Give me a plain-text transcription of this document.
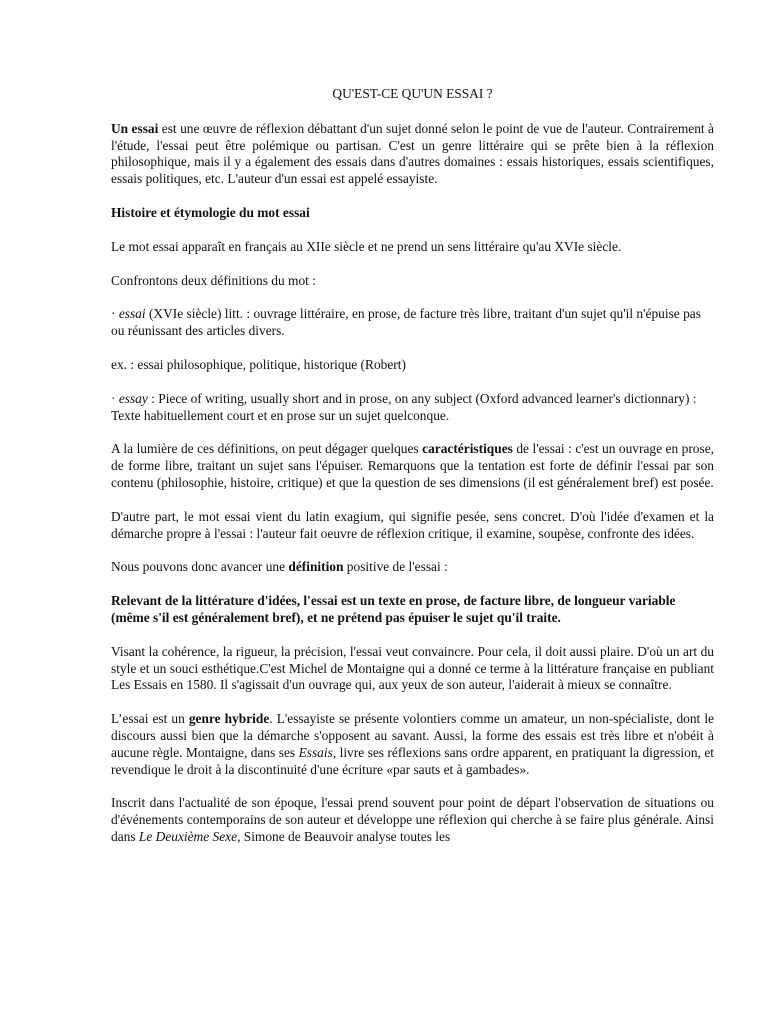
QU'EST-CE QU'UN ESSAI ?

Un essai est une œuvre de réflexion débattant d'un sujet donné selon le point de vue de l'auteur. Contrairement à l'étude, l'essai peut être polémique ou partisan. C'est un genre littéraire qui se prête bien à la réflexion philosophique, mais il y a également des essais dans d'autres domaines : essais historiques, essais scientifiques, essais politiques, etc. L'auteur d'un essai est appelé essayiste.

Histoire et étymologie du mot essai

Le mot essai apparaît en français au XIIe siècle et ne prend un sens littéraire qu'au XVIe siècle.

Confrontons deux définitions du mot :

· essai (XVIe siècle) litt. : ouvrage littéraire, en prose, de facture très libre, traitant d'un sujet qu'il n'épuise pas ou réunissant des articles divers.

ex. : essai philosophique, politique, historique (Robert)

· essay : Piece of writing, usually short and in prose, on any subject (Oxford advanced learner's dictionnary) : Texte habituellement court et en prose sur un sujet quelconque.

A la lumière de ces définitions, on peut dégager quelques caractéristiques de l'essai : c'est un ouvrage en prose, de forme libre, traitant un sujet sans l'épuiser. Remarquons que la tentation est forte de définir l'essai par son contenu (philosophie, histoire, critique) et que la question de ses dimensions (il est généralement bref) est posée.

D'autre part, le mot essai vient du latin exagium, qui signifie pesée, sens concret. D'où l'idée d'examen et la démarche propre à l'essai : l'auteur fait oeuvre de réflexion critique, il examine, soupèse, confronte des idées.

Nous pouvons donc avancer une définition positive de l'essai :

Relevant de la littérature d'idées, l'essai est un texte en prose, de facture libre, de longueur variable (même s'il est généralement bref), et ne prétend pas épuiser le sujet qu'il traite.

Visant la cohérence, la rigueur, la précision, l'essai veut convaincre. Pour cela, il doit aussi plaire. D'où un art du style et un souci esthétique.C'est Michel de Montaigne qui a donné ce terme à la littérature française en publiant Les Essais en 1580. Il s'agissait d'un ouvrage qui, aux yeux de son auteur, l'aiderait à mieux se connaître.

L’essai est un genre hybride. L'essayiste se présente volontiers comme un amateur, un non-spécialiste, dont le discours aussi bien que la démarche s'opposent au savant. Aussi, la forme des essais est très libre et n'obéit à aucune règle. Montaigne, dans ses Essais, livre ses réflexions sans ordre apparent, en pratiquant la digression, et revendique le droit à la discontinuité d'une écriture «par sauts et à gambades».

Inscrit dans l'actualité de son époque, l'essai prend souvent pour point de départ l'observation de situations ou d'événements contemporains de son auteur et développe une réflexion qui cherche à se faire plus générale. Ainsi dans Le Deuxième Sexe, Simone de Beauvoir analyse toutes les
